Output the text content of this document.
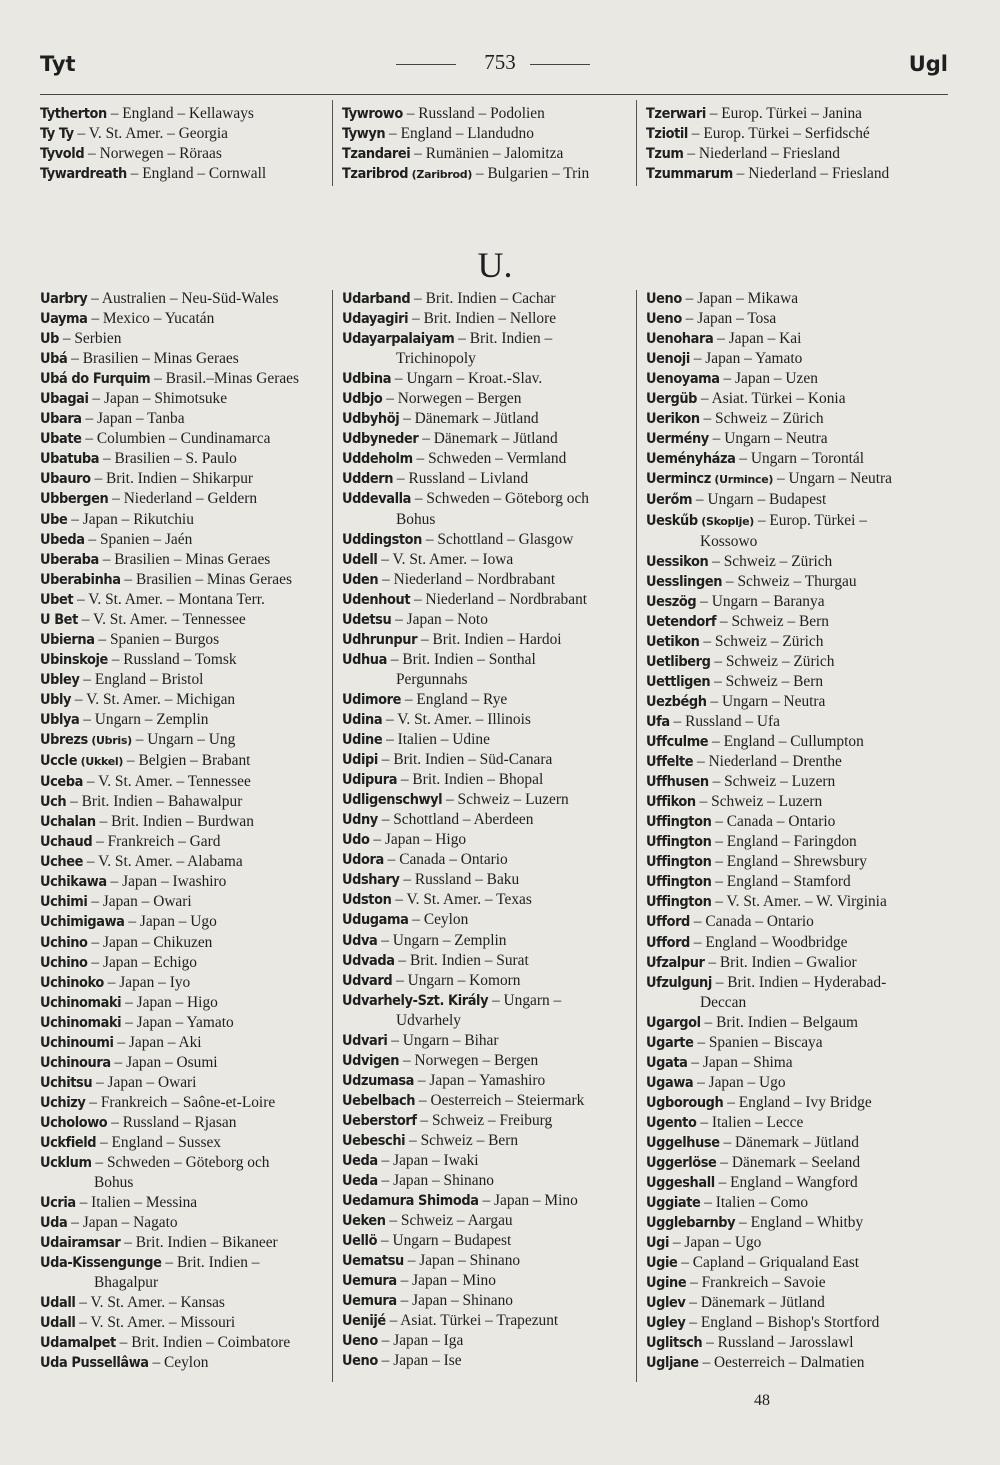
Tyt	753	Ugl
Tytherton – England – Kellaways
Ty Ty – V. St. Amer. – Georgia
Tyvold – Norwegen – Röraas
Tywardreath – England – Cornwall
Tywrowo – Russland – Podolien
Tywyn – England – Llandudno
Tzandarei – Rumänien – Jalomitza
Tzaribrod (Zaribrod) – Bulgarien – Trin
Tzerwari – Europ. Türkei – Janina
Tziotil – Europ. Türkei – Serfidsché
Tzum – Niederland – Friesland
Tzummarum – Niederland – Friesland
U.
Uarbry – Australien – Neu-Süd-Wales
Uayma – Mexico – Yucatán
Ub – Serbien
Ubá – Brasilien – Minas Geraes
Ubá do Furquim – Brasil.–Minas Geraes
Ubagai – Japan – Shimotsuke
Ubara – Japan – Tanba
Ubate – Columbien – Cundinamarca
Ubatuba – Brasilien – S. Paulo
Ubauro – Brit. Indien – Shikarpur
Ubbergen – Niederland – Geldern
Ube – Japan – Rikutchiu
Ubeda – Spanien – Jaén
Uberaba – Brasilien – Minas Geraes
Uberabinha – Brasilien – Minas Geraes
Ubet – V. St. Amer. – Montana Terr.
U Bet – V. St. Amer. – Tennessee
Ubierna – Spanien – Burgos
Ubinskoje – Russland – Tomsk
Ubley – England – Bristol
Ubly – V. St. Amer. – Michigan
Ublya – Ungarn – Zemplin
Ubrezs (Ubris) – Ungarn – Ung
Uccle (Ukkel) – Belgien – Brabant
Uceba – V. St. Amer. – Tennessee
Uch – Brit. Indien – Bahawalpur
Uchalan – Brit. Indien – Burdwan
Uchaud – Frankreich – Gard
Uchee – V. St. Amer. – Alabama
Uchikawa – Japan – Iwashiro
Uchimi – Japan – Owari
Uchimigawa – Japan – Ugo
Uchino – Japan – Chikuzen
Uchino – Japan – Echigo
Uchinoko – Japan – Iyo
Uchinomaki – Japan – Higo
Uchinomaki – Japan – Yamato
Uchinoumi – Japan – Aki
Uchinoura – Japan – Osumi
Uchitsu – Japan – Owari
Uchizy – Frankreich – Saône-et-Loire
Ucholowo – Russland – Rjasan
Uckfield – England – Sussex
Ucklum – Schweden – Göteborg och
Bohus
Ucria – Italien – Messina
Uda – Japan – Nagato
Udairamsar – Brit. Indien – Bikaneer
Uda-Kissengunge – Brit. Indien –
Bhagalpur
Udall – V. St. Amer. – Kansas
Udall – V. St. Amer. – Missouri
Udamalpet – Brit. Indien – Coimbatore
Uda Pussellâwa – Ceylon
Udarband – Brit. Indien – Cachar
Udayagiri – Brit. Indien – Nellore
Udayarpalaiyam – Brit. Indien –
Trichinopoly
Udbina – Ungarn – Kroat.-Slav.
Udbjo – Norwegen – Bergen
Udbyhöj – Dänemark – Jütland
Udbyneder – Dänemark – Jütland
Uddeholm – Schweden – Vermland
Uddern – Russland – Livland
Uddevalla – Schweden – Göteborg och
Bohus
Uddingston – Schottland – Glasgow
Udell – V. St. Amer. – Iowa
Uden – Niederland – Nordbrabant
Udenhout – Niederland – Nordbrabant
Udetsu – Japan – Noto
Udhrunpur – Brit. Indien – Hardoi
Udhua – Brit. Indien – Sonthal
Pergunnahs
Udimore – England – Rye
Udina – V. St. Amer. – Illinois
Udine – Italien – Udine
Udipi – Brit. Indien – Süd-Canara
Udipura – Brit. Indien – Bhopal
Udligenschwyl – Schweiz – Luzern
Udny – Schottland – Aberdeen
Udo – Japan – Higo
Udora – Canada – Ontario
Udshary – Russland – Baku
Udston – V. St. Amer. – Texas
Udugama – Ceylon
Udva – Ungarn – Zemplin
Udvada – Brit. Indien – Surat
Udvard – Ungarn – Komorn
Udvarhely-Szt. Király – Ungarn –
Udvarhely
Udvari – Ungarn – Bihar
Udvigen – Norwegen – Bergen
Udzumasa – Japan – Yamashiro
Uebelbach – Oesterreich – Steiermark
Ueberstorf – Schweiz – Freiburg
Uebeschi – Schweiz – Bern
Ueda – Japan – Iwaki
Ueda – Japan – Shinano
Uedamura Shimoda – Japan – Mino
Ueken – Schweiz – Aargau
Uellö – Ungarn – Budapest
Uematsu – Japan – Shinano
Uemura – Japan – Mino
Uemura – Japan – Shinano
Uenijé – Asiat. Türkei – Trapezunt
Ueno – Japan – Iga
Ueno – Japan – Ise
Ueno – Japan – Mikawa
Ueno – Japan – Tosa
Uenohara – Japan – Kai
Uenoji – Japan – Yamato
Uenoyama – Japan – Uzen
Uergüb – Asiat. Türkei – Konia
Uerikon – Schweiz – Zürich
Uermény – Ungarn – Neutra
Ueményháza – Ungarn – Torontál
Uermincz (Urmince) – Ungarn – Neutra
Uerőm – Ungarn – Budapest
Ueskűb (Skoplje) – Europ. Türkei –
Kossowo
Uessikon – Schweiz – Zürich
Uesslingen – Schweiz – Thurgau
Ueszög – Ungarn – Baranya
Uetendorf – Schweiz – Bern
Uetikon – Schweiz – Zürich
Uetliberg – Schweiz – Zürich
Uettligen – Schweiz – Bern
Uezbégh – Ungarn – Neutra
Ufa – Russland – Ufa
Uffculme – England – Cullumpton
Uffelte – Niederland – Drenthe
Uffhusen – Schweiz – Luzern
Uffikon – Schweiz – Luzern
Uffington – Canada – Ontario
Uffington – England – Faringdon
Uffington – England – Shrewsbury
Uffington – England – Stamford
Uffington – V. St. Amer. – W. Virginia
Ufford – Canada – Ontario
Ufford – England – Woodbridge
Ufzalpur – Brit. Indien – Gwalior
Ufzulgunj – Brit. Indien – Hyderabad-
Deccan
Ugargol – Brit. Indien – Belgaum
Ugarte – Spanien – Biscaya
Ugata – Japan – Shima
Ugawa – Japan – Ugo
Ugborough – England – Ivy Bridge
Ugento – Italien – Lecce
Uggelhuse – Dänemark – Jütland
Uggerlöse – Dänemark – Seeland
Uggeshall – England – Wangford
Uggiate – Italien – Como
Ugglebarnby – England – Whitby
Ugi – Japan – Ugo
Ugie – Capland – Griqualand East
Ugine – Frankreich – Savoie
Uglev – Dänemark – Jütland
Ugley – England – Bishop's Stortford
Uglitsch – Russland – Jarosslawl
Ugljane – Oesterreich – Dalmatien
48
